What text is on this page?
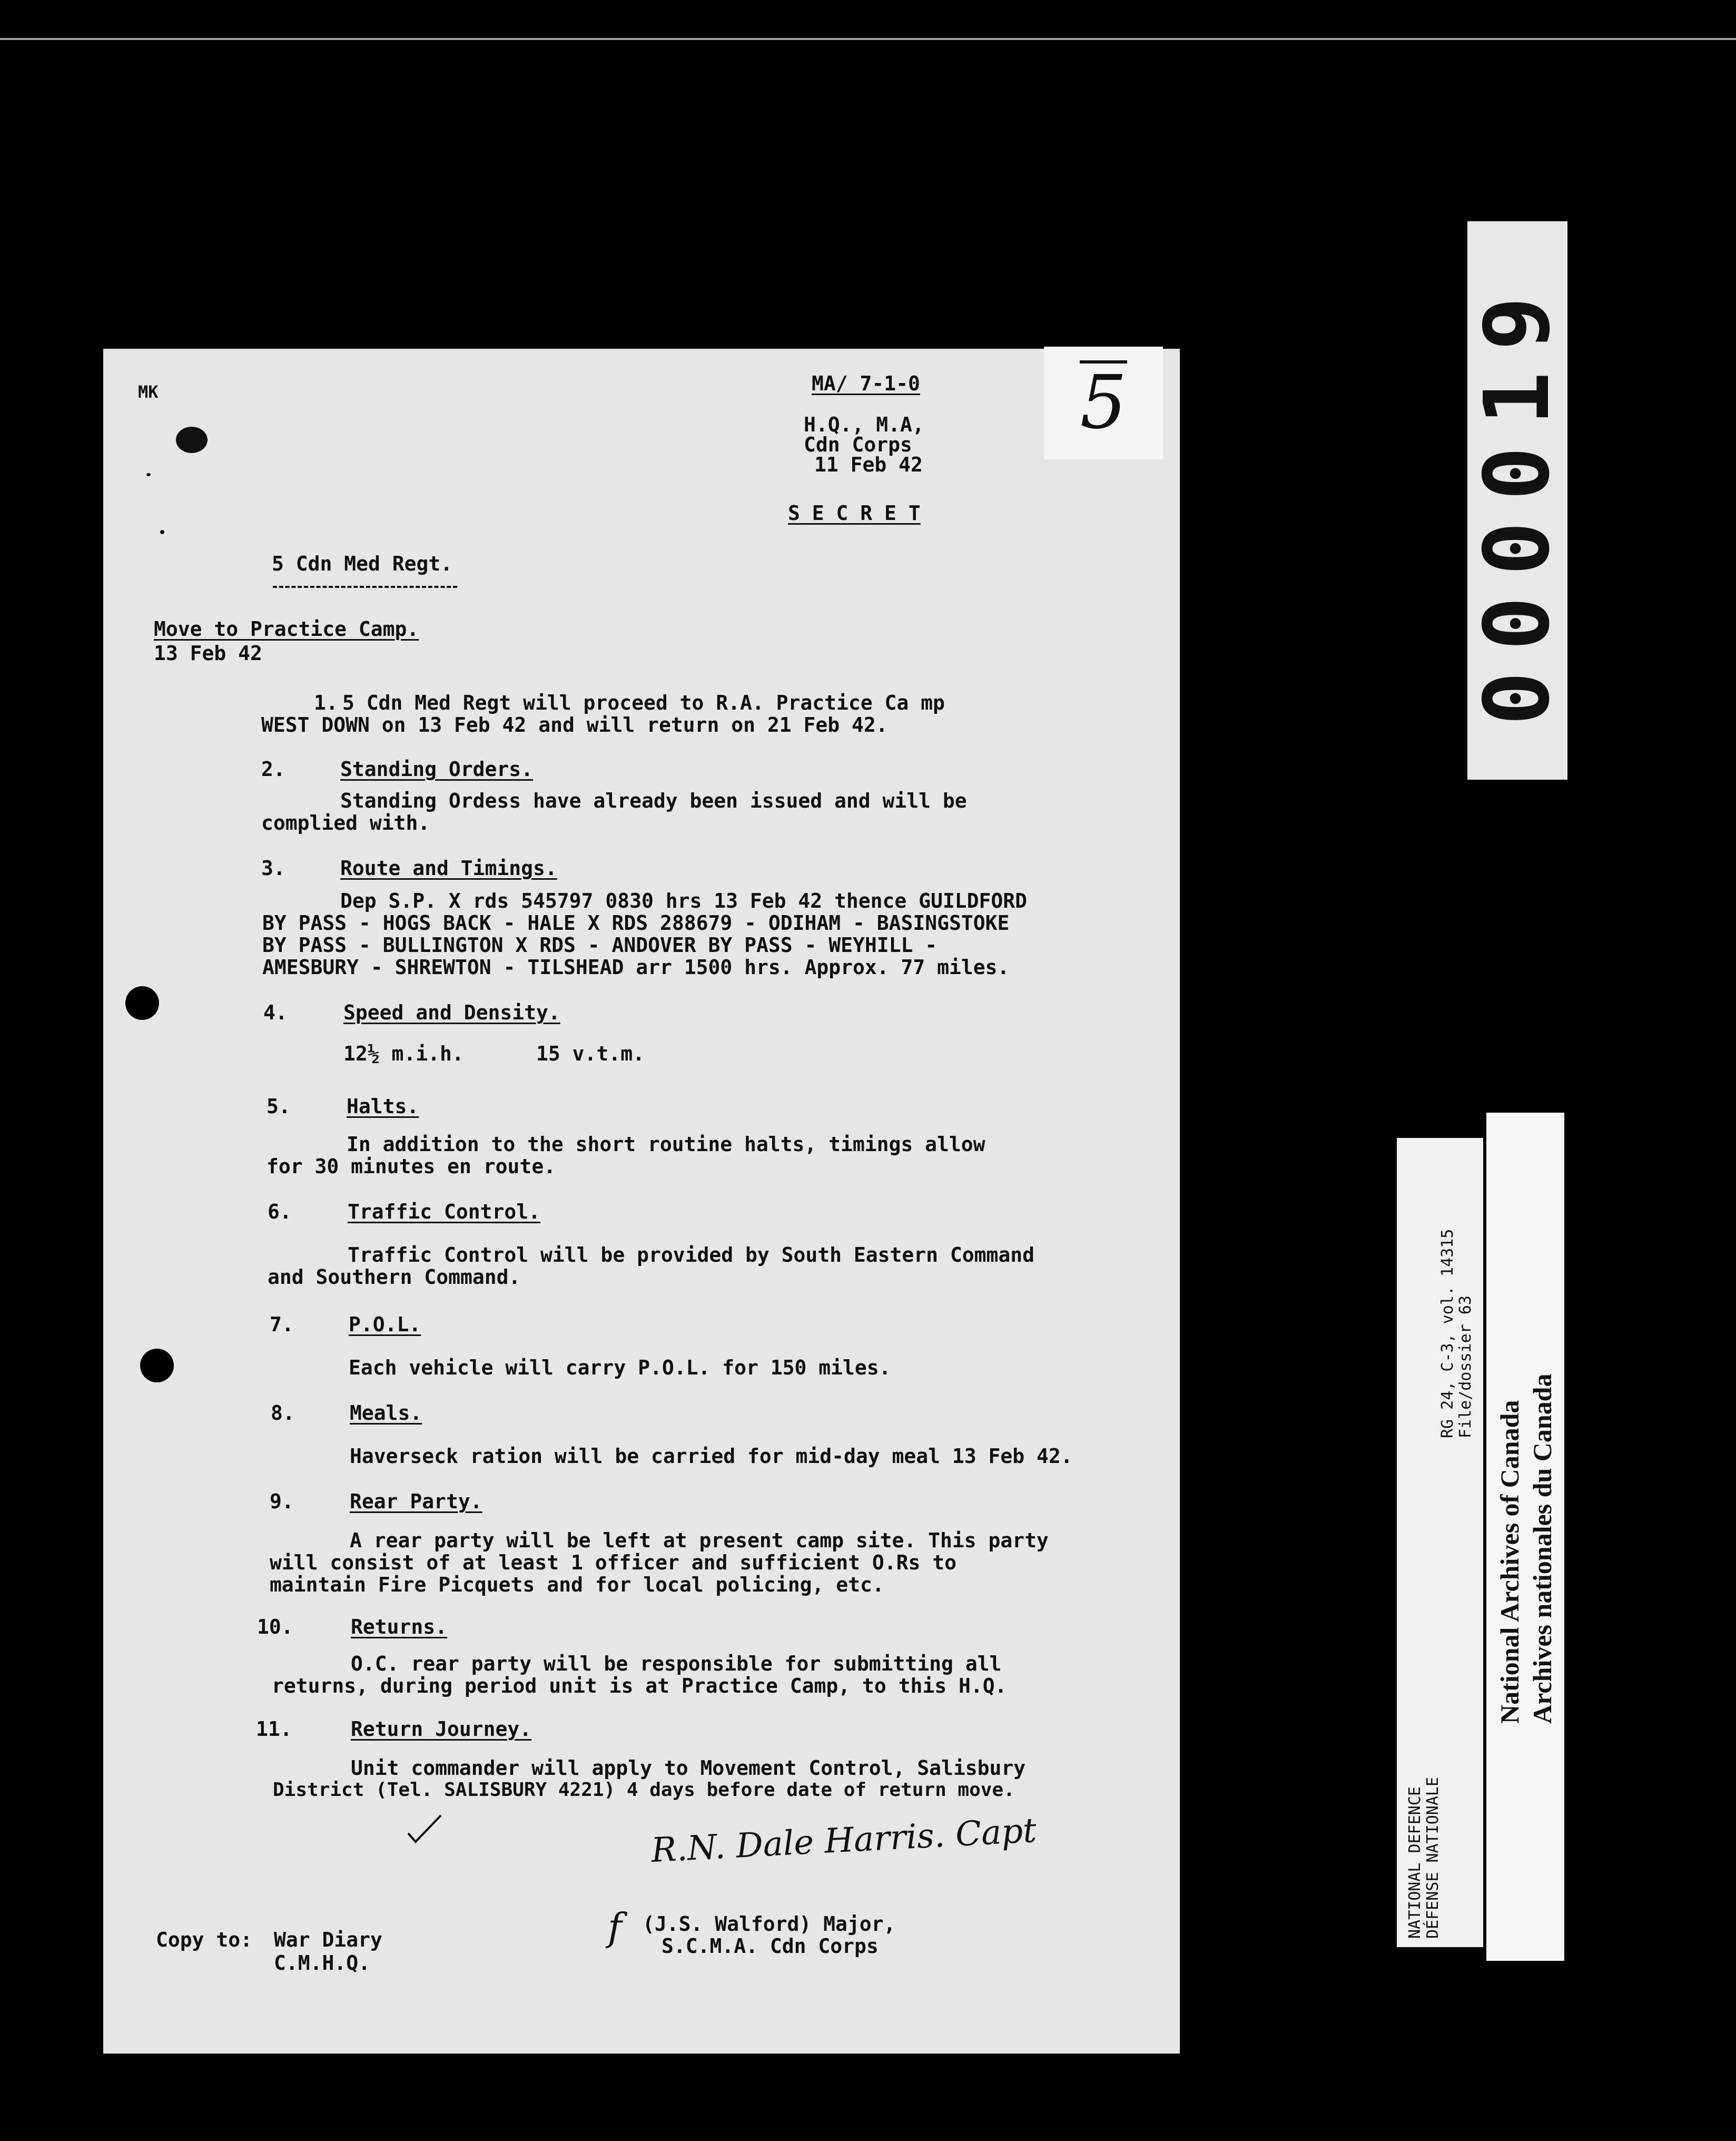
MK	MA/ 7-1-0
H.Q., M.A,
Cdn Corps
11 Feb 42
S E C R E T
5
5 Cdn Med Regt.
Move to Practice Camp.
13 Feb 42
1. 5 Cdn Med Regt will proceed to R.A. Practice Ca mp
WEST DOWN on 13 Feb 42 and will return on 21 Feb 42.
2.	Standing Orders.
Standing Ordess have already been issued and will be
complied with.
3.	Route and Timings.
Dep S.P. X rds 545797 0830 hrs 13 Feb 42 thence GUILDFORD
BY PASS - HOGS BACK - HALE X RDS 288679 - ODIHAM - BASINGSTOKE
BY PASS - BULLINGTON X RDS - ANDOVER BY PASS - WEYHILL -
AMESBURY - SHREWTON - TILSHEAD arr 1500 hrs. Approx. 77 miles.
4.	Speed and Density.
12½ m.i.h.      15 v.t.m.
5.	Halts.
In addition to the short routine halts, timings allow
for 30 minutes en route.
6.	Traffic Control.
Traffic Control will be provided by South Eastern Command
and Southern Command.
7.	P.O.L.
Each vehicle will carry P.O.L. for 150 miles.
8.	Meals.
Haverseck ration will be carried for mid-day meal 13 Feb 42.
9.	Rear Party.
A rear party will be left at present camp site. This party
will consist of at least 1 officer and sufficient O.Rs to
maintain Fire Picquets and for local policing, etc.
10.	Returns.
O.C. rear party will be responsible for submitting all
returns, during period unit is at Practice Camp, to this H.Q.
11.	Return Journey.
Unit commander will apply to Movement Control, Salisbury
District (Tel. SALISBURY 4221) 4 days before date of return move.
R.N. Dale Harris. Capt
f (J.S. Walford) Major,
S.C.M.A. Cdn Corps
Copy to: War Diary
C.M.H.Q.
000019
NATIONAL DEFENCE DÉFENSE NATIONALE
RG 24, C-3, vol. 14315 File/dossier 63
National Archives of Canada Archives nationales du Canada
